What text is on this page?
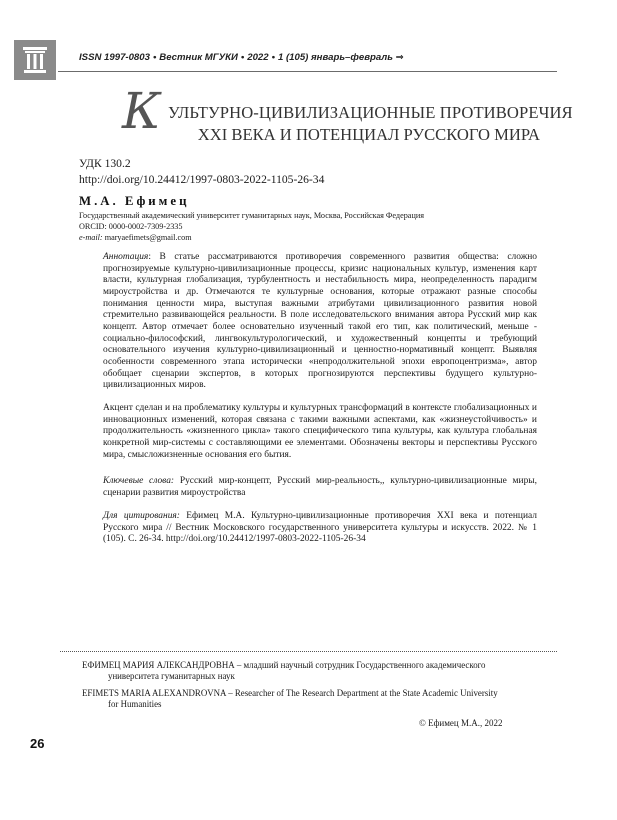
ISSN 1997-0803 • Вестник МГУКИ • 2022 • 1 (105) январь–февраль ⇒
К УЛЬТУРНО-ЦИВИЛИЗАЦИОННЫЕ ПРОТИВОРЕЧИЯ
XXI ВЕКА И ПОТЕНЦИАЛ РУССКОГО МИРА
УДК 130.2
http://doi.org/10.24412/1997-0803-2022-1105-26-34
М.А. Ефимец
Государственный академический университет гуманитарных наук, Москва, Российская Федерация
ORCID: 0000-0002-7309-2335
e-mail: maryaefimets@gmail.com
Аннотация: В статье рассматриваются противоречия современного развития общества: сложно прогнозируемые культурно-цивилизационные процессы, кризис национальных культур, изменения карт власти, культурная глобализация, турбулентность и нестабильность мира, неопределенность парадигм мироустройства и др. Отмечаются те культурные основания, которые отражают разные способы понимания ценности мира, выступая важными атрибутами цивилизационного развития новой стремительно развивающейся реальности. В поле исследовательского внимания автора Русский мир как концепт. Автор отмечает более основательно изученный такой его тип, как политический, меньше - социально-философский, лингвокультурологический, и художественный концепты и требующий основательного изучения культурно-цивилизационный и ценностно-нормативный концепт. Выявляя особенности современного этапа исторически «непродолжительной эпохи европоцентризма», автор обобщает сценарии экспертов, в которых прогнозируются перспективы будущего культурно-цивилизационных миров.
Акцент сделан и на проблематику культуры и культурных трансформаций в контексте глобализационных и инновационных изменений, которая связана с такими важными аспектами, как «жизнеустойчивость» и продолжительность «жизненного цикла» такого специфического типа культуры, как культура глобальная конкретной мир-системы с составляющими ее элементами. Обозначены векторы и перспективы Русского мира, смысложизненные основания его бытия.
Ключевые слова: Русский мир-концепт, Русский мир-реальность,, культурно-цивилизационные миры, сценарии развития мироустройства
Для цитирования: Ефимец М.А. Культурно-цивилизационные противоречия XXI века и потенциал Русского мира // Вестник Московского государственного университета культуры и искусств. 2022. № 1 (105). С. 26-34. http://doi.org/10.24412/1997-0803-2022-1105-26-34
ЕФИМЕЦ МАРИЯ АЛЕКСАНДРОВНА – младший научный сотрудник Государственного академического
университета гуманитарных наук
EFIMETS MARIA ALEXANDROVNA – Researcher of The Research Department at the State Academic University
for Humanities
© Ефимец М.А., 2022
26
